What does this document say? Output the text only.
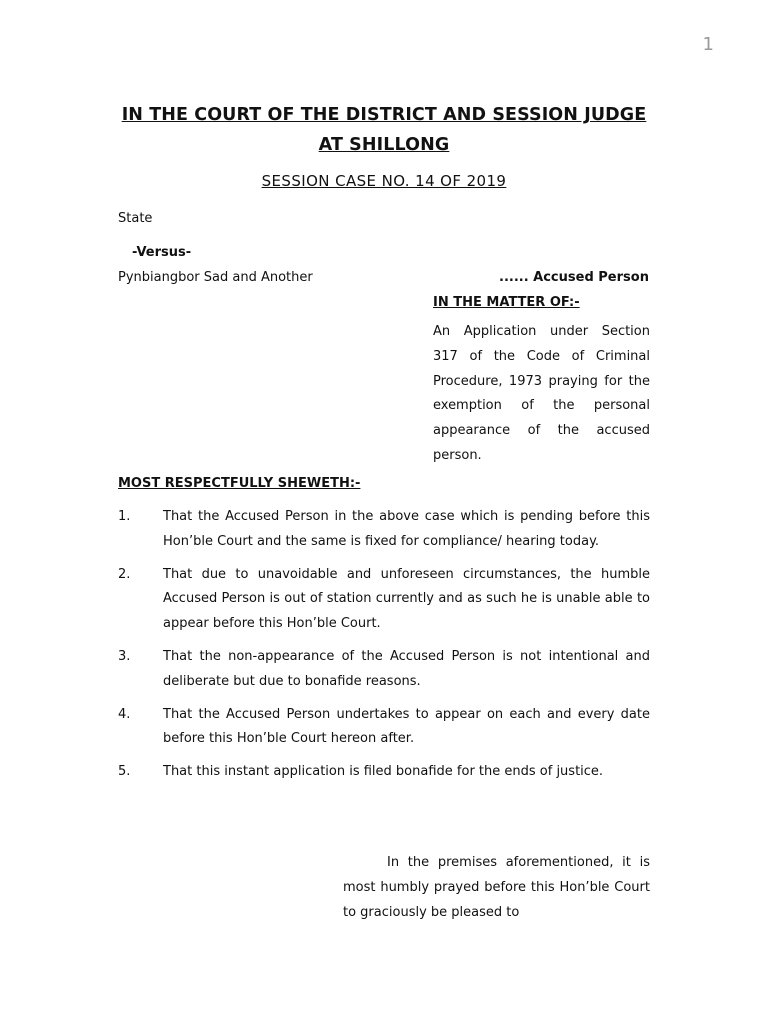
1
IN THE COURT OF THE DISTRICT AND SESSION JUDGE
AT SHILLONG
SESSION CASE NO. 14 OF 2019
State
-Versus-
Pynbiangbor Sad and Another	...... Accused Person
IN THE MATTER OF:-

An Application under Section 317 of the Code of Criminal Procedure, 1973 praying for the exemption of the personal appearance of the accused person.

MOST RESPECTFULLY SHEWETH:-
1.	That the Accused Person in the above case which is pending before this Hon’ble Court and the same is fixed for compliance/ hearing today.
2.	That due to unavoidable and unforeseen circumstances, the humble Accused Person is out of station currently and as such he is unable able to appear before this Hon’ble Court.
3.	That the non-appearance of the Accused Person is not intentional and deliberate but due to bonafide reasons.
4.	That the Accused Person undertakes to appear on each and every date before this Hon’ble Court hereon after.
5.	That this instant application is filed bonafide for the ends of justice.
In the premises aforementioned, it is most humbly prayed before this Hon’ble Court to graciously be pleased to
